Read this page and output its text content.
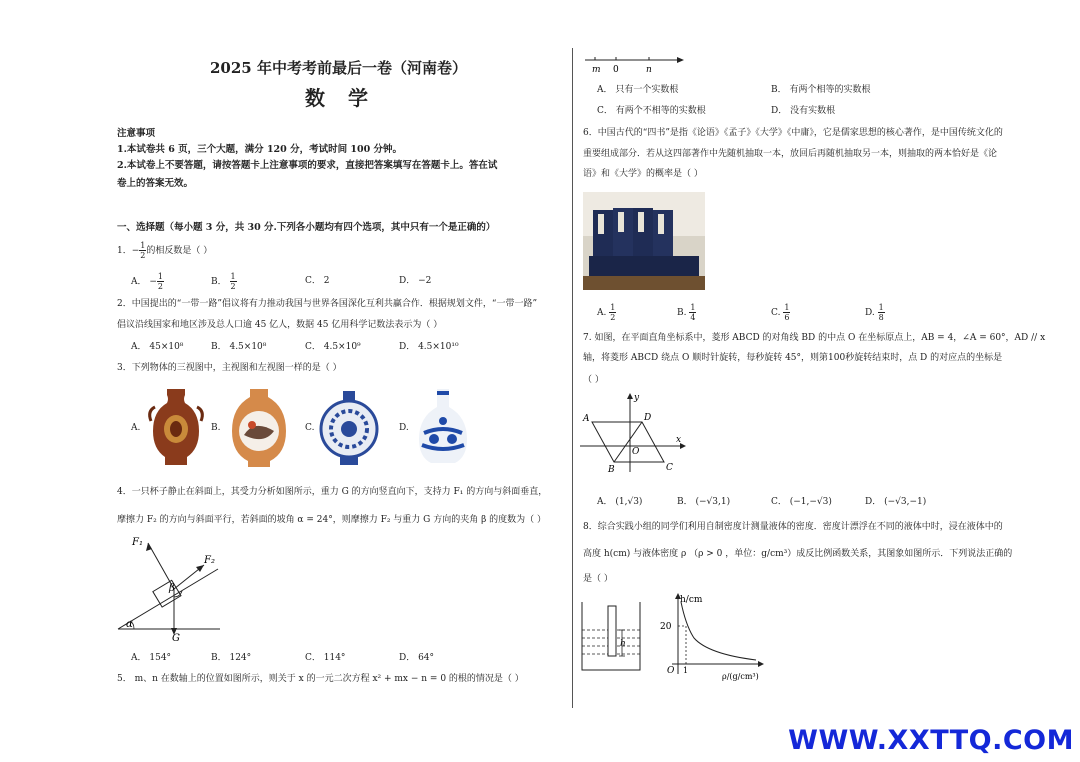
2025 年中考考前最后一卷（河南卷）
数 学
注意事项
1.本试卷共 6 页，三个大题，满分 120 分，考试时间 100 分钟。
2.本试卷上不要答题，请按答题卡上注意事项的要求，直接把答案填写在答题卡上。答在试
卷上的答案无效。
一、选择题（每小题 3 分，共 30 分.下列各小题均有四个选项，其中只有一个是正确的）
1．− $\frac{1}{2}$ 的相反数是（ ）
A． − $\frac{1}{2}$	B． $\frac{1}{2}$	C． 2	D． −2
2．中国提出的“一带一路”倡议将有力推动我国与世界各国深化互利共赢合作．根据规划文件，“一带一路”
倡议沿线国家和地区涉及总人口逾 45 亿人，数据 45 亿用科学记数法表示为（ ）
A． 45×10⁸	B． 4.5×10⁸	C． 4.5×10⁹	D． 4.5×10¹⁰
3．下列物体的三视图中，主视图和左视图一样的是（ ）
A.	B.	C.	D.
4．一只杯子静止在斜面上，其受力分析如图所示，重力 G 的方向竖直向下，支持力 F₁ 的方向与斜面垂直，
摩擦力 F₂ 的方向与斜面平行，若斜面的坡角 α = 24°，则摩擦力 F₂ 与重力 G 方向的夹角 β 的度数为（ ）
F₁
F₂
β
α
G
A． 154°	B． 124°	C． 114°	D． 64°
5． m、n 在数轴上的位置如图所示，则关于 x 的一元二次方程 x² + mx − n = 0 的根的情况是（ ）
m 0	n
A． 只有一个实数根	B． 有两个相等的实数根
C． 有两个不相等的实数根	D． 没有实数根
6．中国古代的“四书”是指《论语》《孟子》《大学》《中庸》，它是儒家思想的核心著作，是中国传统文化的
重要组成部分．若从这四部著作中先随机抽取一本，放回后再随机抽取另一本，则抽取的两本恰好是《论
语》和《大学》的概率是（ ）
A. $\frac{1}{2}$	B. $\frac{1}{4}$	C. $\frac{1}{6}$	D. $\frac{1}{8}$
7. 如图，在平面直角坐标系中，菱形 ABCD 的对角线 BD 的中点 O 在坐标原点上，AB = 4，∠A = 60°，AD // x
轴，将菱形 ABCD 绕点 O 顺时针旋转，每秒旋转 45°，则第100秒旋转结束时，点 D 的对应点的坐标是
（ ）
A
B	C
D
O
x
y
A． (1,√3)	B． (−√3,1)	C． (−1,−√3)	D． (−√3,−1)
8．综合实践小组的同学们利用自制密度计测量液体的密度．密度计漂浮在不同的液体中时，浸在液体中的
高度 h(cm) 与液体密度 ρ （ρ > 0 ，单位：g/cm³）成反比例函数关系，其图象如图所示．下列说法正确的
是（ ）
h
h/cm
20
1
O
ρ/(g/cm³)
WWW.XXTTQ.COM
